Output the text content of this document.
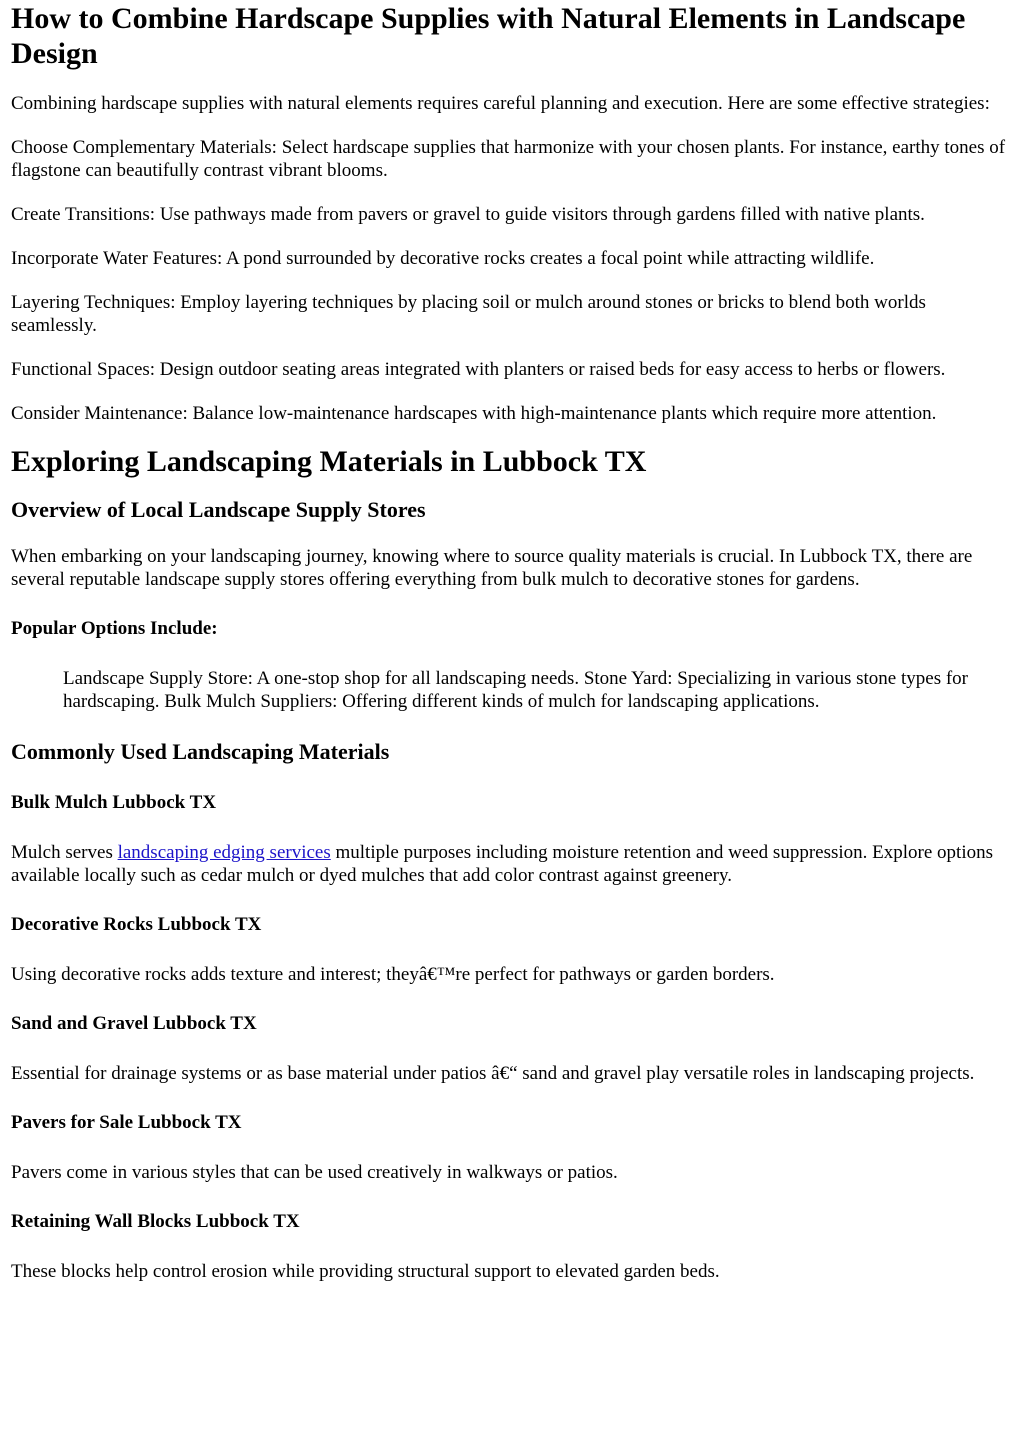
How to Combine Hardscape Supplies with Natural Elements in Landscape Design

Combining hardscape supplies with natural elements requires careful planning and execution. Here are some effective strategies:

Choose Complementary Materials: Select hardscape supplies that harmonize with your chosen plants. For instance, earthy tones of flagstone can beautifully contrast vibrant blooms.

Create Transitions: Use pathways made from pavers or gravel to guide visitors through gardens filled with native plants.

Incorporate Water Features: A pond surrounded by decorative rocks creates a focal point while attracting wildlife.

Layering Techniques: Employ layering techniques by placing soil or mulch around stones or bricks to blend both worlds seamlessly.

Functional Spaces: Design outdoor seating areas integrated with planters or raised beds for easy access to herbs or flowers.

Consider Maintenance: Balance low-maintenance hardscapes with high-maintenance plants which require more attention.

Exploring Landscaping Materials in Lubbock TX
Overview of Local Landscape Supply Stores

When embarking on your landscaping journey, knowing where to source quality materials is crucial. In Lubbock TX, there are several reputable landscape supply stores offering everything from bulk mulch to decorative stones for gardens.

Popular Options Include:
Landscape Supply Store: A one-stop shop for all landscaping needs. Stone Yard: Specializing in various stone types for hardscaping. Bulk Mulch Suppliers: Offering different kinds of mulch for landscaping applications.
Commonly Used Landscaping Materials
Bulk Mulch Lubbock TX

Mulch serves landscaping edging services multiple purposes including moisture retention and weed suppression. Explore options available locally such as cedar mulch or dyed mulches that add color contrast against greenery.

Decorative Rocks Lubbock TX

Using decorative rocks adds texture and interest; theyâ€™re perfect for pathways or garden borders.

Sand and Gravel Lubbock TX

Essential for drainage systems or as base material under patios â€“ sand and gravel play versatile roles in landscaping projects.

Pavers for Sale Lubbock TX

Pavers come in various styles that can be used creatively in walkways or patios.

Retaining Wall Blocks Lubbock TX

These blocks help control erosion while providing structural support to elevated garden beds.
